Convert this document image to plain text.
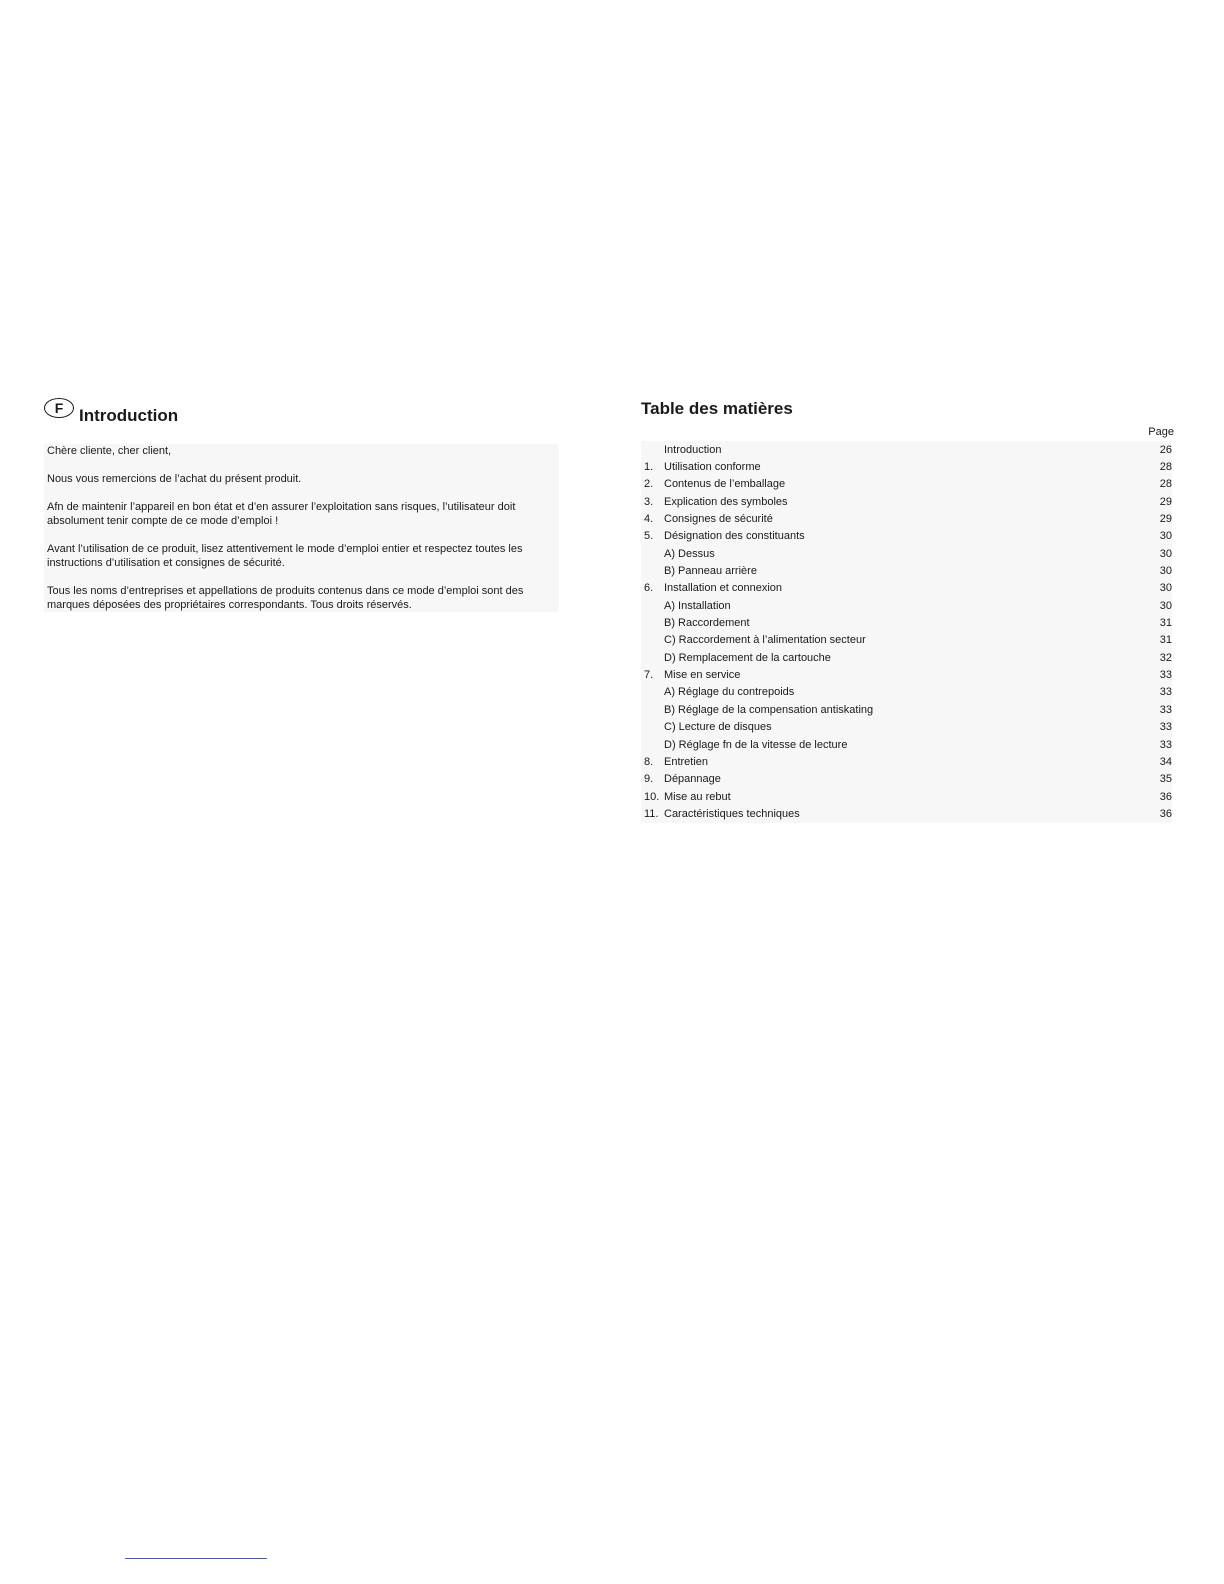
F Introduction

Chère cliente, cher client,

Nous vous remercions de l’achat du présent produit.

Afn de maintenir l’appareil en bon état et d’en assurer l’exploitation sans risques, l’utilisateur doit absolument tenir compte de ce mode d’emploi !

Avant l’utilisation de ce produit, lisez attentivement le mode d’emploi entier et respectez toutes les instructions d’utilisation et consignes de sécurité.

Tous les noms d’entreprises et appellations de produits contenus dans ce mode d’emploi sont des marques déposées des propriétaires correspondants. Tous droits réservés.

Table des matières
Page
Introduction	26
1. Utilisation conforme	28
2. Contenus de l’emballage	28
3. Explication des symboles	29
4. Consignes de sécurité	29
5. Désignation des constituants	30
A) Dessus	30
B) Panneau arrière	30
6. Installation et connexion	30
A) Installation	30
B) Raccordement	31
C) Raccordement à l’alimentation secteur	31
D) Remplacement de la cartouche	32
7. Mise en service	33
A) Réglage du contrepoids	33
B) Réglage de la compensation antiskating	33
C) Lecture de disques	33
D) Réglage fn de la vitesse de lecture	33
8. Entretien	34
9. Dépannage	35
10. Mise au rebut	36
11. Caractéristiques techniques	36
